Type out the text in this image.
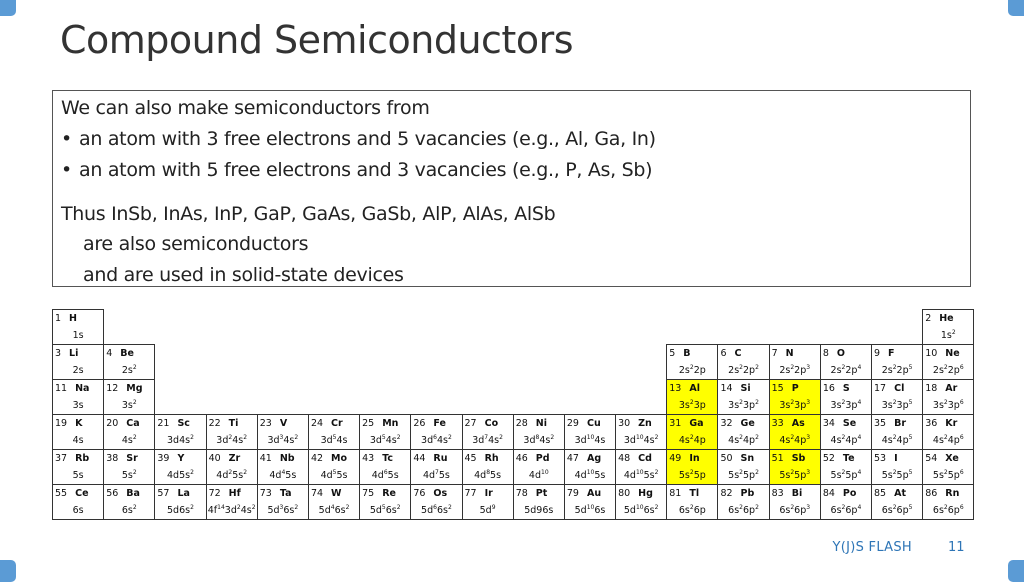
Compound Semiconductors
We can also make semiconductors from
• an atom with 3 free electrons and 5 vacancies (e.g., Al, Ga, In)
• an atom with 5 free electrons and 3 vacancies (e.g., P, As, Sb)
Thus InSb, InAs, InP, GaP, GaAs, GaSb, AlP, AlAs, AlSb
are also semiconductors
and are used in solid-state devices
1 H																	2 He
1s																	$1s^2$
3 Li	4 Be											5 B	6 C	7 N	8 O	9 F	10 Ne
2s	$2s^2$											$2s^22p$	$2s^22p^2$	$2s^22p^3$	$2s^22p^4$	$2s^22p^5$	$2s^22p^6$
11 Na	12 Mg											13 Al	14 Si	15 P	16 S	17 Cl	18 Ar
3s	$3s^2$											$3s^23p$	$3s^23p^2$	$3s^23p^3$	$3s^23p^4$	$3s^23p^5$	$3s^23p^6$
19 K	20 Ca	21 Sc	22 Ti	23 V	24 Cr	25 Mn	26 Fe	27 Co	28 Ni	29 Cu	30 Zn	31 Ga	32 Ge	33 As	34 Se	35 Br	36 Kr
4s	$4s^2$	$3d4s^2$	$3d^24s^2$	$3d^34s^2$	$3d^54s$	$3d^54s^2$	$3d^64s^2$	$3d^74s^2$	$3d^84s^2$	$3d^{10}4s$	$3d^{10}4s^2$	$4s^24p$	$4s^24p^2$	$4s^24p^3$	$4s^24p^4$	$4s^24p^5$	$4s^24p^6$
37 Rb	38 Sr	39 Y	40 Zr	41 Nb	42 Mo	43 Tc	44 Ru	45 Rh	46 Pd	47 Ag	48 Cd	49 In	50 Sn	51 Sb	52 Te	53 I	54 Xe
5s	$5s^2$	$4d5s^2$	$4d^25s^2$	$4d^45s$	$4d^55s$	$4d^65s$	$4d^75s$	$4d^85s$	$4d^{10}$	$4d^{10}5s$	$4d^{10}5s^2$	$5s^25p$	$5s^25p^2$	$5s^25p^3$	$5s^25p^4$	$5s^25p^5$	$5s^25p^6$
55 Ce	56 Ba	57 La	72 Hf	73 Ta	74 W	75 Re	76 Os	77 Ir	78 Pt	79 Au	80 Hg	81 Tl	82 Pb	83 Bi	84 Po	85 At	86 Rn
6s	$6s^2$	$5d6s^2$	$4f^{14}3d^24s^2$	$5d^36s^2$	$5d^46s^2$	$5d^56s^2$	$5d^66s^2$	$5d^9$	5d96s	$5d^{10}6s$	$5d^{10}6s^2$	$6s^26p$	$6s^26p^2$	$6s^26p^3$	$6s^26p^4$	$6s^26p^5$	$6s^26p^6$
Y(J)S FLASH	11
